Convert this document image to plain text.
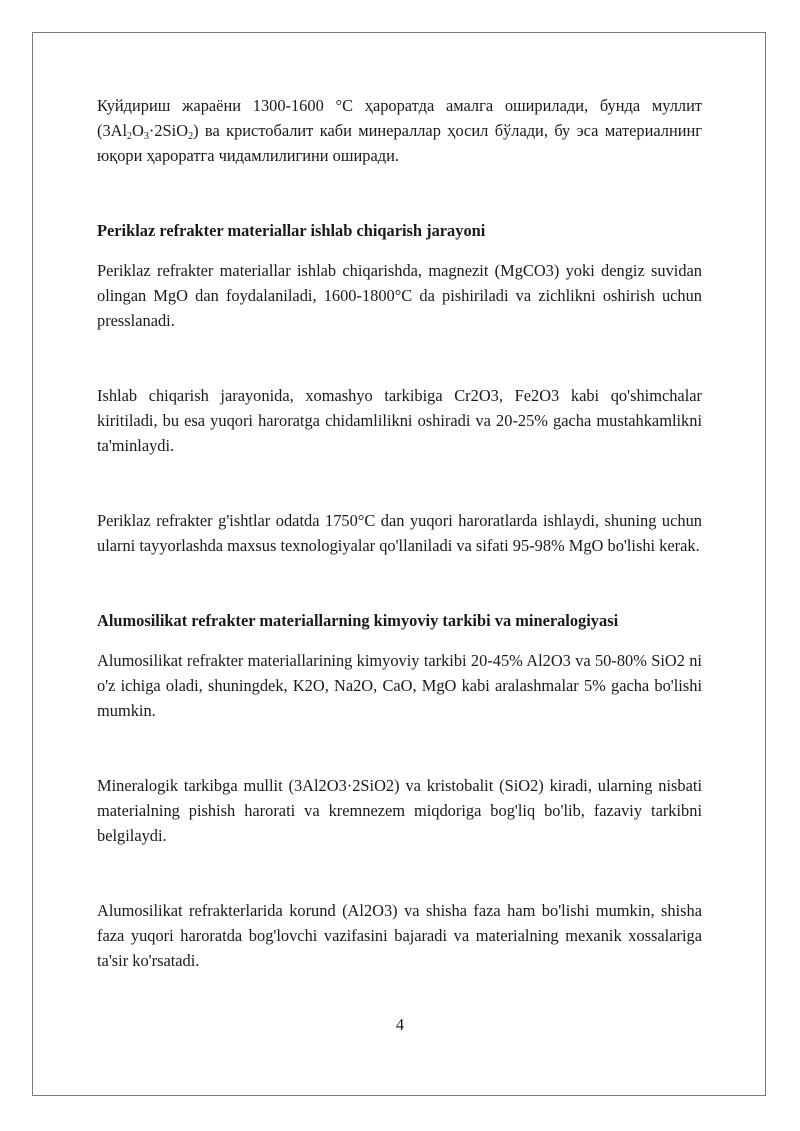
Куйдириш жараёни 1300-1600 °С ҳароратда амалга оширилади, бунда муллит $(3Al_2O_3\cdot 2SiO_2)$ ва кристобалит каби минераллар ҳосил бўлади, бу эса материалнинг юқори ҳароратга чидамлилигини оширади.

Periklaz refrakter materiallar ishlab chiqarish jarayoni

Periklaz refrakter materiallar ishlab chiqarishda, magnezit (MgCO3) yoki dengiz suvidan olingan MgO dan foydalaniladi, 1600-1800°C da pishiriladi va zichlikni oshirish uchun presslanadi.

Ishlab chiqarish jarayonida, xomashyo tarkibiga Cr2O3, Fe2O3 kabi qo'shimchalar kiritiladi, bu esa yuqori haroratga chidamlilikni oshiradi va 20-25% gacha mustahkamlikni ta'minlaydi.

Periklaz refrakter g'ishtlar odatda 1750°C dan yuqori haroratlarda ishlaydi, shuning uchun ularni tayyorlashda maxsus texnologiyalar qo'llaniladi va sifati 95-98% MgO bo'lishi kerak.

Alumosilikat refrakter materiallarning kimyoviy tarkibi va mineralogiyasi

Alumosilikat refrakter materiallarining kimyoviy tarkibi 20-45% Al2O3 va 50-80% SiO2 ni o'z ichiga oladi, shuningdek, K2O, Na2O, CaO, MgO kabi aralashmalar 5% gacha bo'lishi mumkin.

Mineralogik tarkibga mullit (3Al2O3·2SiO2) va kristobalit (SiO2) kiradi, ularning nisbati materialning pishish harorati va kremnezem miqdoriga bog'liq bo'lib, fazaviy tarkibni belgilaydi.

Alumosilikat refrakterlarida korund (Al2O3) va shisha faza ham bo'lishi mumkin, shisha faza yuqori haroratda bog'lovchi vazifasini bajaradi va materialning mexanik xossalariga ta'sir ko'rsatadi.

4
